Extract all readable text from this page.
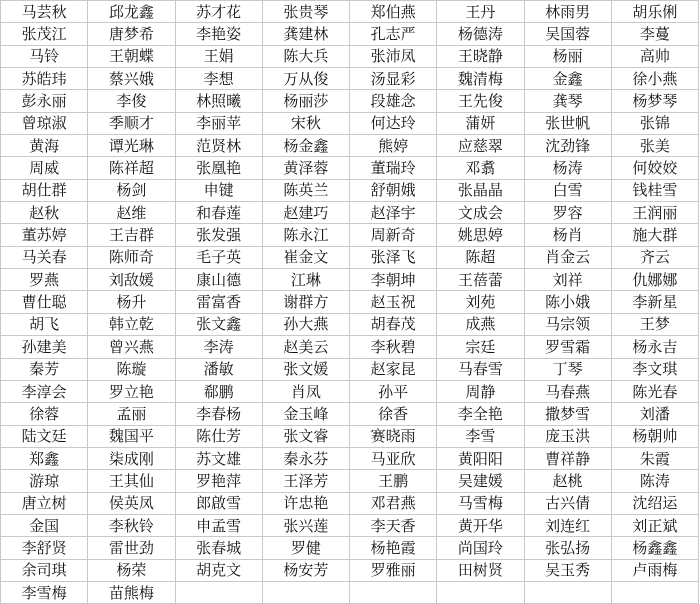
马芸秋	邱龙鑫	苏才花	张贵琴	郑伯燕	王丹	林雨男	胡乐俐
张茂江	唐梦希	李艳姿	龚建林	孔志严	杨德涛	吴国蓉	李蔓
马铃	王朝蝶	王娟	陈大兵	张沛凤	王晓静	杨丽	高帅
苏皓玮	蔡兴娥	李想	万从俊	汤显彩	魏清梅	金鑫	徐小燕
彭永丽	李俊	林照曦	杨丽莎	段雄念	王先俊	龚琴	杨梦琴
曾琼淑	季顺才	李丽苹	宋秋	何达玲	蒲妍	张世帆	张锦
黄海	谭光琳	范贤林	杨金鑫	熊婷	应慈翠	沈劲锋	张美
周威	陈祥超	张凰艳	黄泽蓉	董瑞玲	邓翥	杨涛	何姣姣
胡仕群	杨剑	申键	陈英兰	舒朝娥	张晶晶	白雪	钱桂雪
赵秋	赵维	和春莲	赵建巧	赵泽宇	文成会	罗容	王润丽
董苏婷	王吉群	张发强	陈永江	周新奇	姚思婷	杨肖	施大群
马关春	陈师奇	毛子英	崔金文	张泽飞	陈超	肖金云	齐云
罗燕	刘敌媛	康山德	江琳	李朝坤	王蓓蕾	刘祥	仇娜娜
曹仕聪	杨升	雷富香	谢群方	赵玉祝	刘苑	陈小娥	李新星
胡飞	韩立乾	张文鑫	孙大燕	胡春茂	成燕	马宗领	王梦
孙建美	曾兴燕	李涛	赵美云	李秋碧	宗廷	罗雪霜	杨永吉
秦芳	陈璇	潘敏	张文媛	赵家昆	马春雪	丁琴	李文琪
李淳会	罗立艳	郗鹏	肖凤	孙平	周静	马春燕	陈光春
徐蓉	孟丽	李春杨	金玉峰	徐香	李全艳	撒梦雪	刘潘
陆文廷	魏国平	陈仕芳	张文睿	赛晓雨	李雪	庞玉洪	杨朝帅
郑鑫	柒成刚	苏文雄	秦永芬	马亚欣	黄阳阳	曹祥静	朱霞
游琼	王其仙	罗艳萍	王泽芳	王鹏	吴建媛	赵桃	陈涛
唐立树	侯英凤	郎啟雪	许忠艳	邓君燕	马雪梅	古兴倩	沈绍运
金国	李秋铃	申孟雪	张兴莲	李天香	黄开华	刘连红	刘正斌
李舒贤	雷世劲	张春城	罗健	杨艳霞	尚国玲	张弘扬	杨鑫鑫
余司琪	杨荣	胡克文	杨安芳	罗雅丽	田树贤	吴玉秀	卢雨梅
李雪梅	苗熊梅						
